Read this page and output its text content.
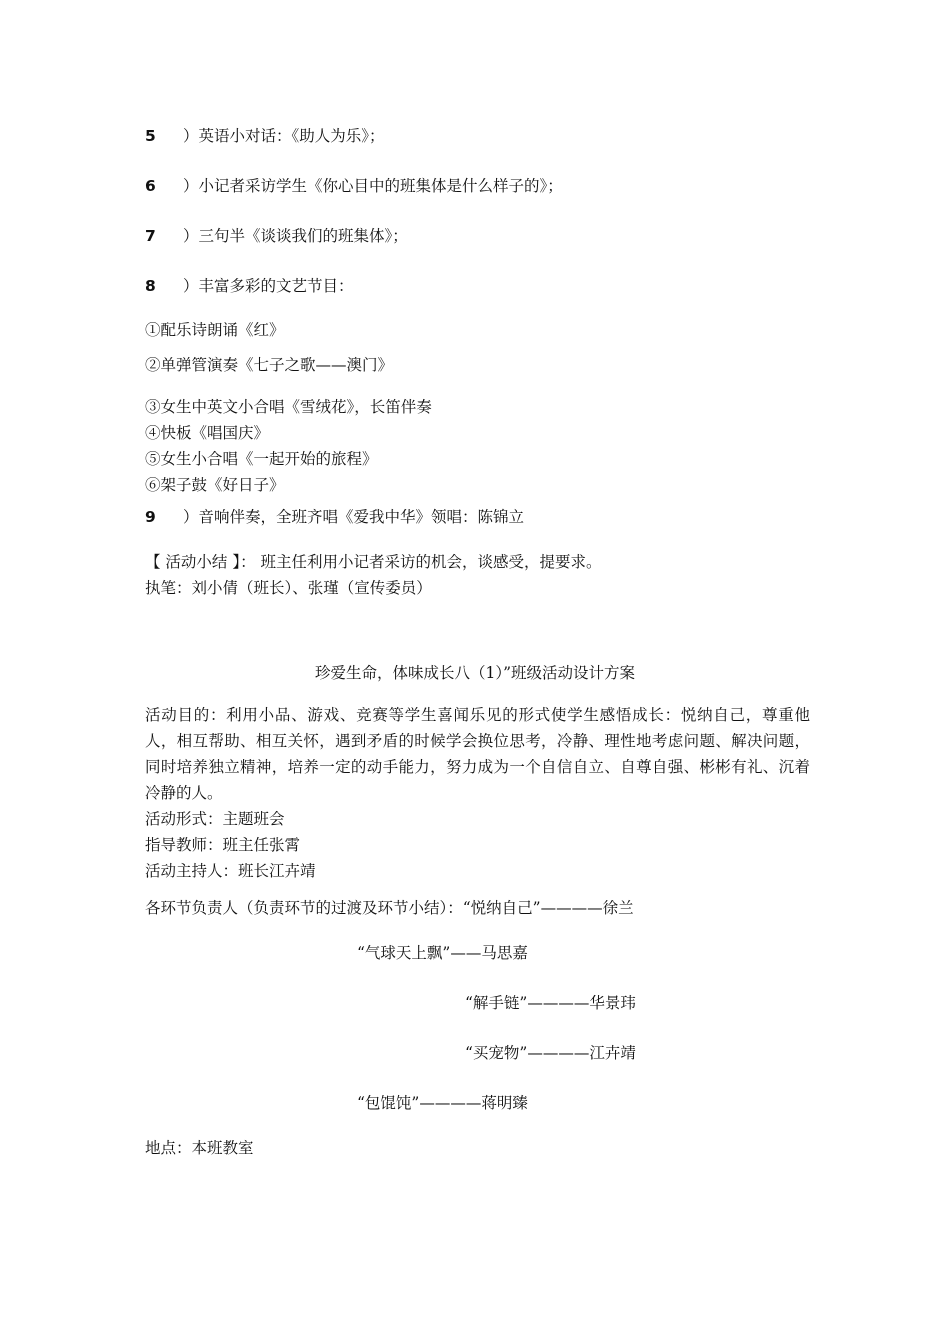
5 ）英语小对话：《助人为乐》；
6 ）小记者采访学生《你心目中的班集体是什么样子的》；
7 ）三句半《谈谈我们的班集体》；
8 ）丰富多彩的文艺节目：
①配乐诗朗诵《红》
②单弹管演奏《七子之歌——澳门》
③女生中英文小合唱《雪绒花》，长笛伴奏
④快板《唱国庆》
⑤女生小合唱《一起开始的旅程》
⑥架子鼓《好日子》
9 ）音响伴奏，全班齐唱《爱我中华》领唱：陈锦立
【 活动小结 】： 班主任利用小记者采访的机会，谈感受，提要求。
执笔：刘小倩（班长）、张瑾（宣传委员）
珍爱生命，体味成长八（1）”班级活动设计方案
活动目的：利用小品、游戏、竞赛等学生喜闻乐见的形式使学生感悟成长：悦纳自己，尊重他人，相互帮助、相互关怀，遇到矛盾的时候学会换位思考，冷静、理性地考虑问题、解决问题，同时培养独立精神，培养一定的动手能力，努力成为一个自信自立、自尊自强、彬彬有礼、沉着冷静的人。
活动形式：主题班会
指导教师：班主任张霄
活动主持人：班长江卉靖
各环节负责人（负责环节的过渡及环节小结）：“悦纳自己”————徐兰
“气球天上飘”——马思嘉
“解手链”————华景玮
“买宠物”————江卉靖
“包馄饨”————蒋明臻
地点：本班教室
